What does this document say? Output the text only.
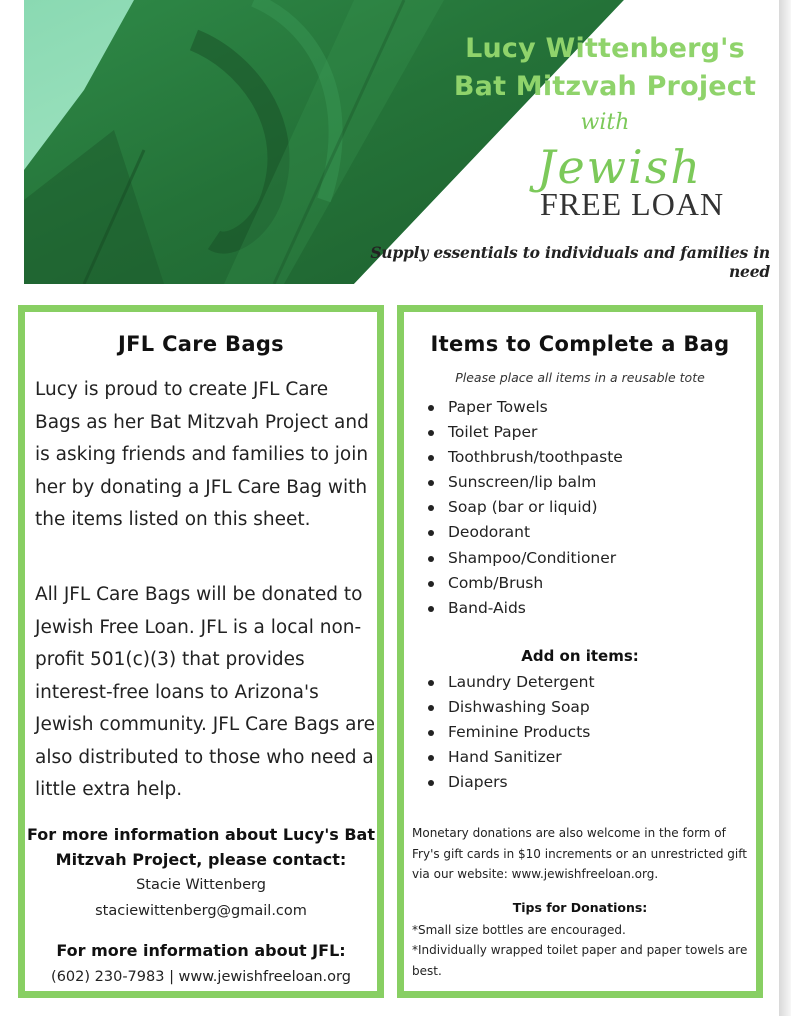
Lucy Wittenberg's
Bat Mitzvah Project
with
Jewish
FREE LOAN
Supply essentials to individuals and families in need
JFL Care Bags

Lucy is proud to create JFL Care Bags as her Bat Mitzvah Project and is asking friends and families to join her by donating a JFL Care Bag with the items listed on this sheet.

All JFL Care Bags will be donated to Jewish Free Loan. JFL is a local non-profit 501(c)(3) that provides interest-free loans to Arizona's Jewish community. JFL Care Bags are also distributed to those who need a little extra help.

For more information about Lucy's Bat Mitzvah Project, please contact:
Stacie Wittenberg
staciewittenberg@gmail.com
For more information about JFL:
(602) 230-7983 | www.jewishfreeloan.org
Items to Complete a Bag
Please place all items in a reusable tote
Paper Towels
Toilet Paper
Toothbrush/toothpaste
Sunscreen/lip balm
Soap (bar or liquid)
Deodorant
Shampoo/Conditioner
Comb/Brush
Band-Aids
Add on items:
Laundry Detergent
Dishwashing Soap
Feminine Products
Hand Sanitizer
Diapers

Monetary donations are also welcome in the form of Fry's gift cards in $10 increments or an unrestricted gift via our website: www.jewishfreeloan.org.

Tips for Donations:

*Small size bottles are encouraged.

*Individually wrapped toilet paper and paper towels are best.
